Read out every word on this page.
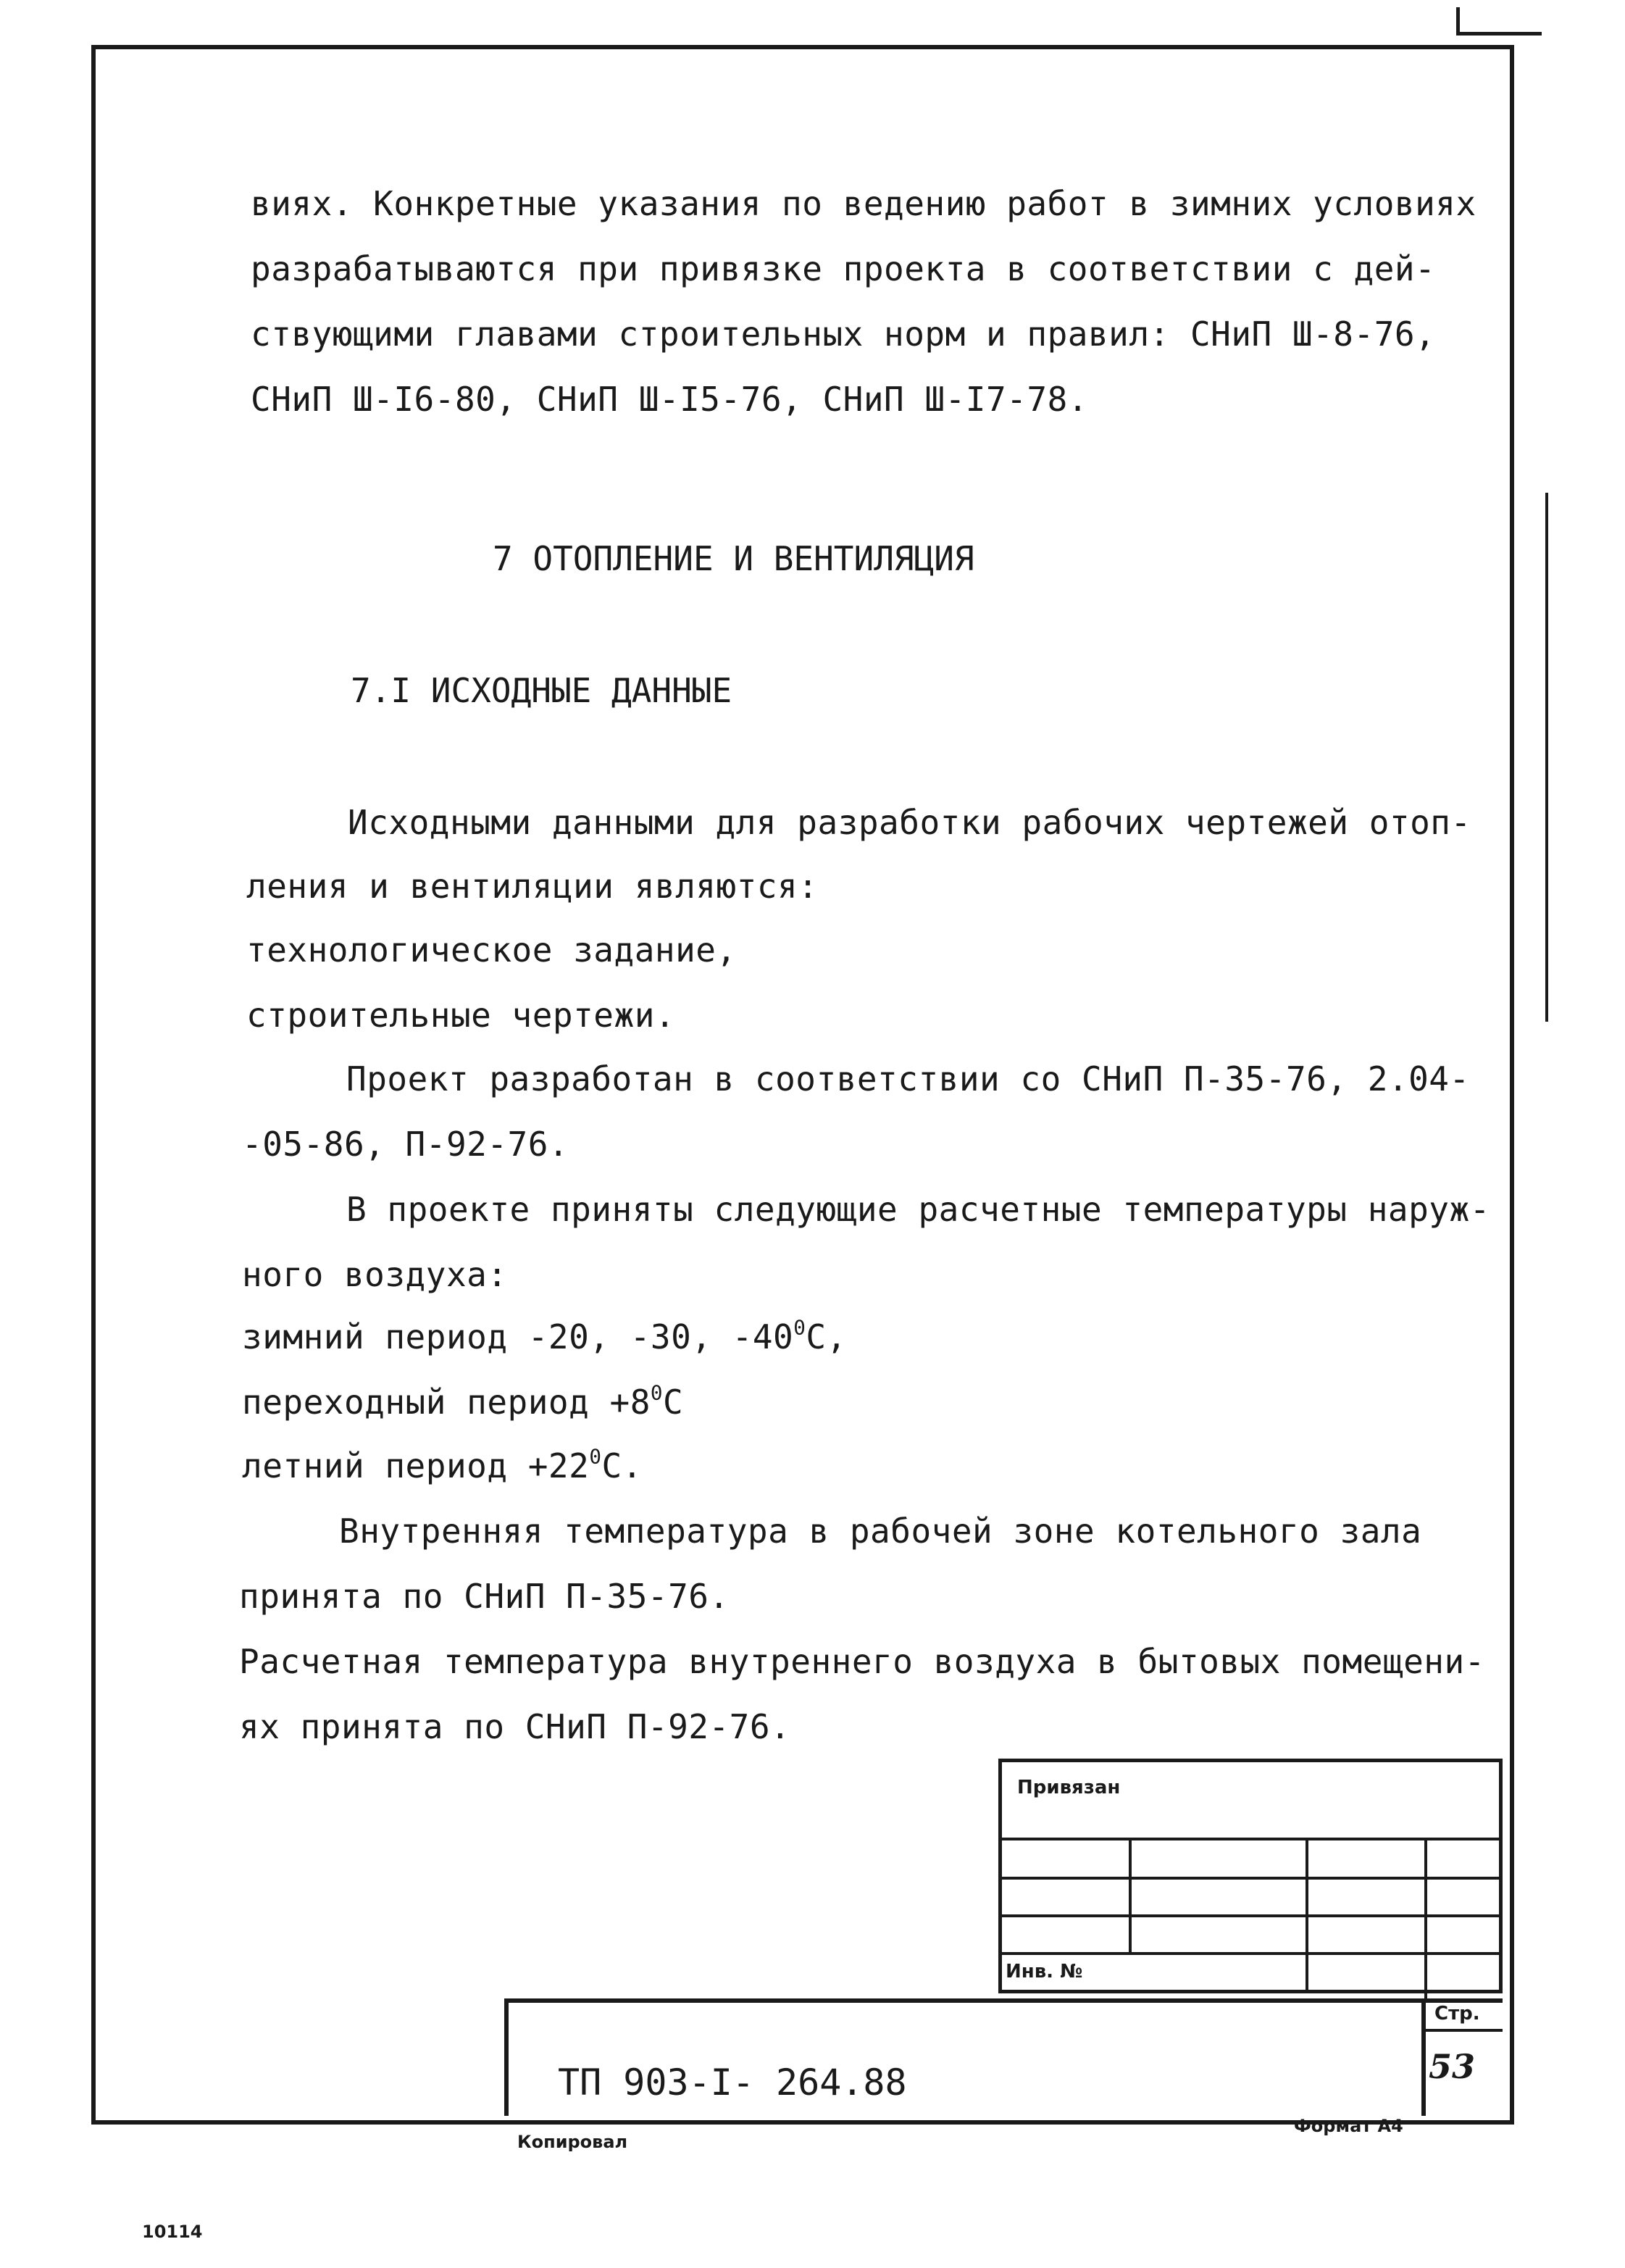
виях. Конкретные указания по ведению работ в зимних условиях
разрабатываются при привязке проекта в соответствии с дей-
ствующими главами строительных норм и правил: СНиП Ш-8-76,
СНиП Ш-I6-80, СНиП Ш-I5-76, СНиП Ш-I7-78.
7 ОТОПЛЕНИЕ И ВЕНТИЛЯЦИЯ
7.I ИСХОДНЫЕ ДАННЫЕ
Исходными данными для разработки рабочих чертежей отоп-
ления и вентиляции являются:
технологическое задание,
строительные чертежи.
Проект разработан в соответствии со СНиП П-35-76, 2.04-
-05-86, П-92-76.
В проекте приняты следующие расчетные температуры наруж-
ного воздуха:
зимний период -20, -30, $-40^0C$,
переходный период $+8^0C$
летний период $+22^0C$.
Внутренняя температура в рабочей зоне котельного зала
принята по СНиП П-35-76.
Расчетная температура внутреннего воздуха в бытовых помещени-
ях принята по СНиП П-92-76.
Привязан
Инв. №
Стр.
ТП 903-I- 264.88	53
Копировал
Формат А4
10114
